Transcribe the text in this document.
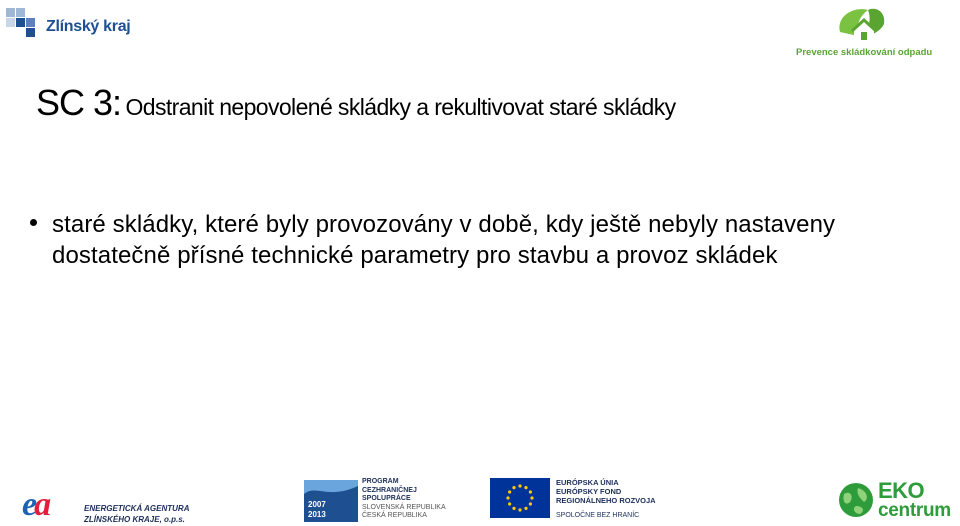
Zlínský kraj
Prevence skládkování odpadu
SC 3: Odstranit nepovolené skládky a rekultivovat staré skládky
staré skládky, které byly provozovány v době, kdy ještě nebyly nastaveny dostatečně přísné technické parametry pro stavbu a provoz skládek
ea	ENERGETICKÁ AGENTURA
ZLÍNSKÉHO KRAJE, o.p.s.
2007
2013
PROGRAM
CEZHRANIČNEJ
SPOLUPRÁCE
SLOVENSKÁ REPUBLIKA
ČESKÁ REPUBLIKA
EURÓPSKA ÚNIA
EURÓPSKY FOND
REGIONÁLNEHO ROZVOJA
SPOLOČNE BEZ HRANÍC
EKO
centrum
